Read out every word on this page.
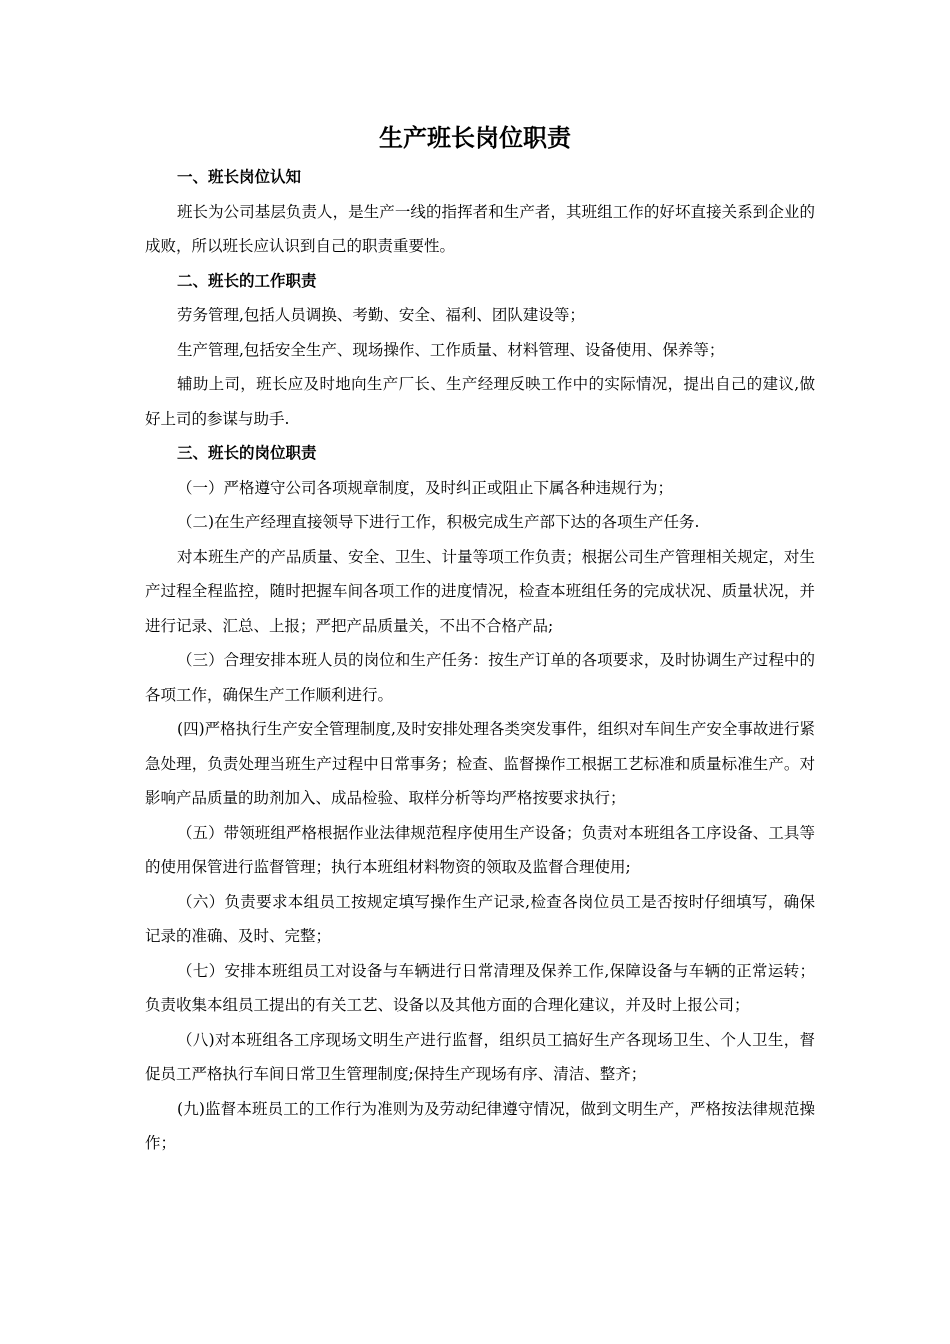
生产班长岗位职责

一、班长岗位认知

班长为公司基层负责人，是生产一线的指挥者和生产者，其班组工作的好坏直接关系到企业的成败，所以班长应认识到自己的职责重要性。

二、班长的工作职责

劳务管理,包括人员调换、考勤、安全、福利、团队建设等；

生产管理,包括安全生产、现场操作、工作质量、材料管理、设备使用、保养等；

辅助上司，班长应及时地向生产厂长、生产经理反映工作中的实际情况，提出自己的建议,做好上司的参谋与助手.

三、班长的岗位职责

（一）严格遵守公司各项规章制度，及时纠正或阻止下属各种违规行为；

（二)在生产经理直接领导下进行工作，积极完成生产部下达的各项生产任务.

对本班生产的产品质量、安全、卫生、计量等项工作负责；根据公司生产管理相关规定，对生产过程全程监控，随时把握车间各项工作的进度情况，检查本班组任务的完成状况、质量状况，并进行记录、汇总、上报；严把产品质量关，不出不合格产品;

（三）合理安排本班人员的岗位和生产任务：按生产订单的各项要求，及时协调生产过程中的各项工作，确保生产工作顺利进行。

(四)严格执行生产安全管理制度,及时安排处理各类突发事件，组织对车间生产安全事故进行紧急处理，负责处理当班生产过程中日常事务；检查、监督操作工根据工艺标准和质量标准生产。对影响产品质量的助剂加入、成品检验、取样分析等均严格按要求执行；

（五）带领班组严格根据作业法律规范程序使用生产设备；负责对本班组各工序设备、工具等的使用保管进行监督管理；执行本班组材料物资的领取及监督合理使用;

（六）负责要求本组员工按规定填写操作生产记录,检查各岗位员工是否按时仔细填写，确保记录的准确、及时、完整；

（七）安排本班组员工对设备与车辆进行日常清理及保养工作,保障设备与车辆的正常运转；负责收集本组员工提出的有关工艺、设备以及其他方面的合理化建议，并及时上报公司；

（八)对本班组各工序现场文明生产进行监督，组织员工搞好生产各现场卫生、个人卫生，督促员工严格执行车间日常卫生管理制度;保持生产现场有序、清洁、整齐；

(九)监督本班员工的工作行为准则为及劳动纪律遵守情况，做到文明生产，严格按法律规范操作；
